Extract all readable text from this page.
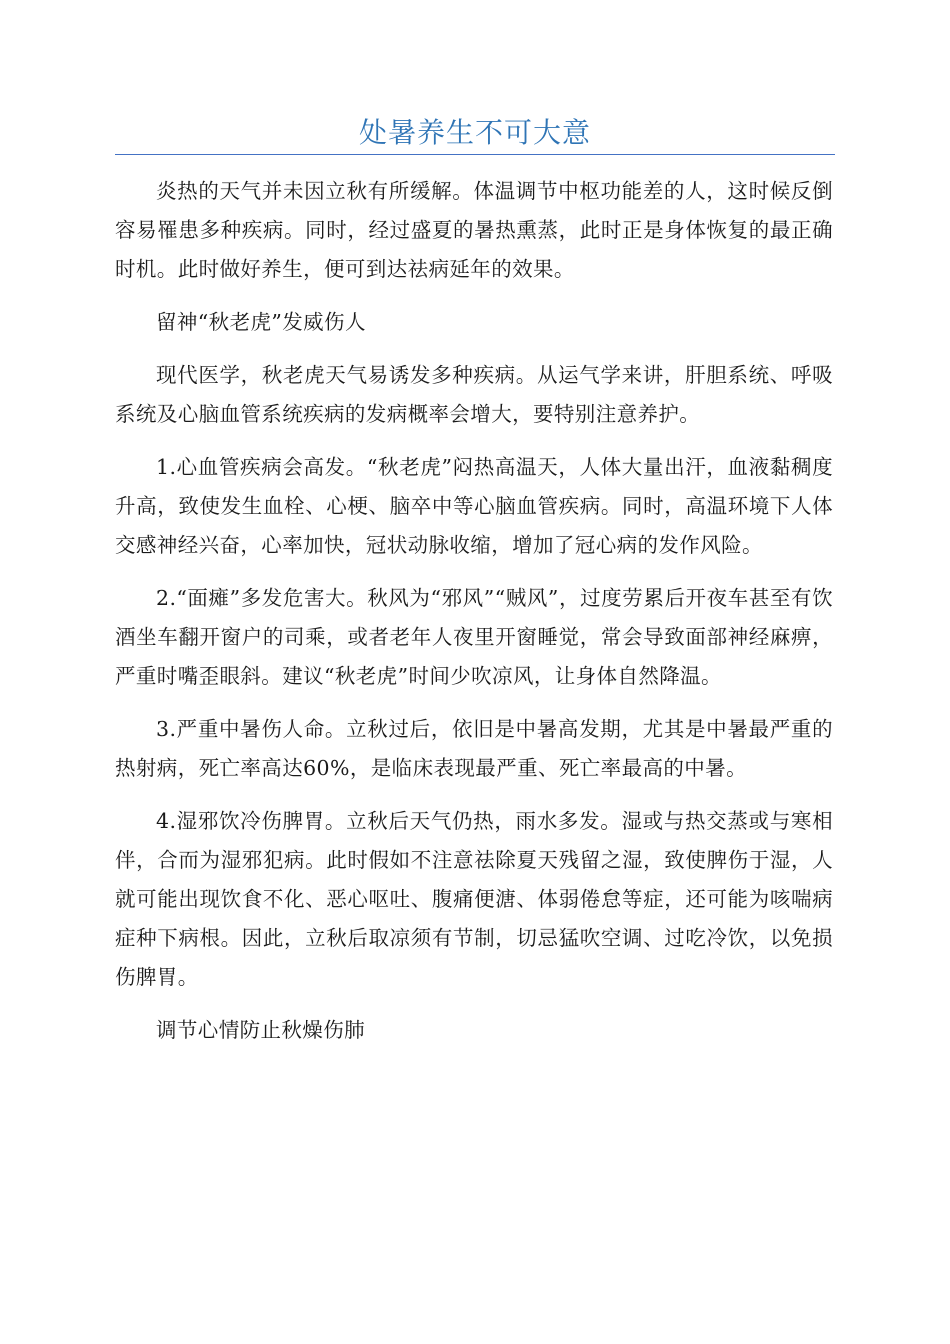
处暑养生不可大意

炎热的天气并未因立秋有所缓解。体温调节中枢功能差的人，这时候反倒容易罹患多种疾病。同时，经过盛夏的暑热熏蒸，此时正是身体恢复的最正确时机。此时做好养生，便可到达祛病延年的效果。

留神“秋老虎”发威伤人

现代医学，秋老虎天气易诱发多种疾病。从运气学来讲，肝胆系统、呼吸系统及心脑血管系统疾病的发病概率会增大，要特别注意养护。

1.心血管疾病会高发。“秋老虎”闷热高温天，人体大量出汗，血液黏稠度升高，致使发生血栓、心梗、脑卒中等心脑血管疾病。同时，高温环境下人体交感神经兴奋，心率加快，冠状动脉收缩，增加了冠心病的发作风险。

2.“面瘫”多发危害大。秋风为“邪风”“贼风”，过度劳累后开夜车甚至有饮酒坐车翻开窗户的司乘，或者老年人夜里开窗睡觉，常会导致面部神经麻痹，严重时嘴歪眼斜。建议“秋老虎”时间少吹凉风，让身体自然降温。

3.严重中暑伤人命。立秋过后，依旧是中暑高发期，尤其是中暑最严重的热射病，死亡率高达60%，是临床表现最严重、死亡率最高的中暑。

4.湿邪饮冷伤脾胃。立秋后天气仍热，雨水多发。湿或与热交蒸或与寒相伴，合而为湿邪犯病。此时假如不注意祛除夏天残留之湿，致使脾伤于湿，人就可能出现饮食不化、恶心呕吐、腹痛便溏、体弱倦怠等症，还可能为咳喘病症种下病根。因此，立秋后取凉须有节制，切忌猛吹空调、过吃冷饮，以免损伤脾胃。

调节心情防止秋燥伤肺
